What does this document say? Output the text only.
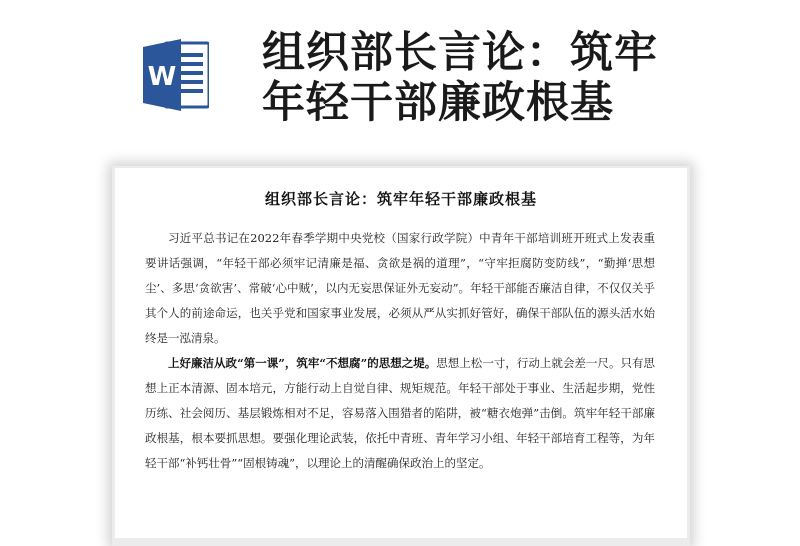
W 组织部长言论：筑牢
年轻干部廉政根基
组织部长言论：筑牢年轻干部廉政根基

习近平总书记在2022年春季学期中央党校（国家行政学院）中青年干部培训班开班式上发表重要讲话强调，“年轻干部必须牢记清廉是福、贪欲是祸的道理”，“守牢拒腐防变防线”，“勤掸‘思想尘’、多思‘贪欲害’、常破‘心中贼’，以内无妄思保证外无妄动”。年轻干部能否廉洁自律，不仅仅关乎其个人的前途命运，也关乎党和国家事业发展，必须从严从实抓好管好，确保干部队伍的源头活水始终是一泓清泉。

上好廉洁从政“第一课”，筑牢“不想腐”的思想之堤。思想上松一寸，行动上就会差一尺。只有思想上正本清源、固本培元，方能行动上自觉自律、规矩规范。年轻干部处于事业、生活起步期，党性历练、社会阅历、基层锻炼相对不足，容易落入围猎者的陷阱，被“糖衣炮弹”击倒。筑牢年轻干部廉政根基，根本要抓思想。要强化理论武装，依托中青班、青年学习小组、年轻干部培育工程等，为年轻干部“补钙壮骨”“固根铸魂”，以理论上的清醒确保政治上的坚定。
